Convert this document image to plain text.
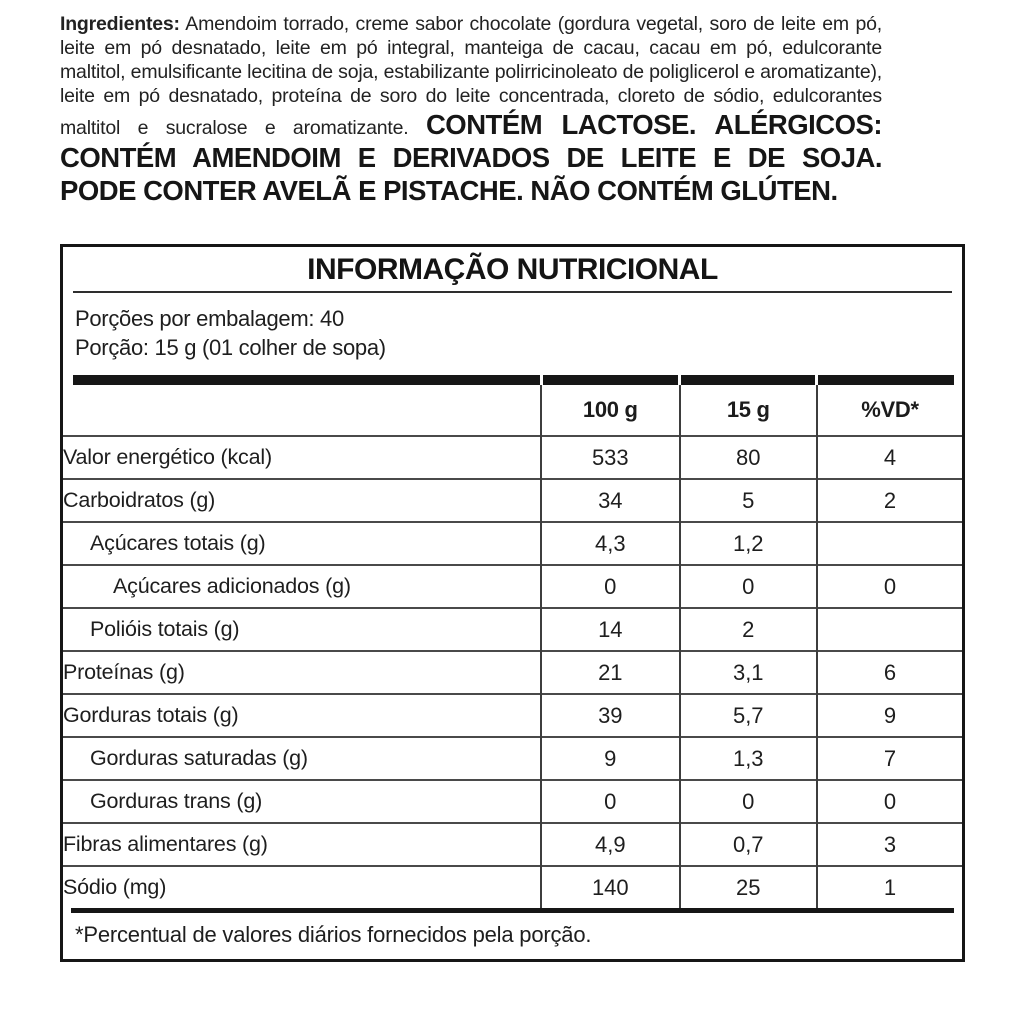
Ingredientes: Amendoim torrado, creme sabor chocolate (gordura vegetal, soro de leite em pó, leite em pó desnatado, leite em pó integral, manteiga de cacau, cacau em pó, edulcorante maltitol, emulsificante lecitina de soja, estabilizante polirricinoleato de poliglicerol e aromatizante), leite em pó desnatado, proteína de soro do leite concentrada, cloreto de sódio, edulcorantes maltitol e sucralose e aromatizante. CONTÉM LACTOSE. ALÉRGICOS: CONTÉM AMENDOIM E DERIVADOS DE LEITE E DE SOJA. PODE CONTER AVELÃ E PISTACHE. NÃO CONTÉM GLÚTEN.

INFORMAÇÃO NUTRICIONAL			

Porções por embalagem: 40
Porção: 15 g (01 colher de sopa)			

	100 g	15 g	%VD*
Valor energético (kcal)	533	80	4
Carboidratos (g)	34	5	2
Açúcares totais (g)	4,3	1,2	
Açúcares adicionados (g)	0	0	0
Polióis totais (g)	14	2	
Proteínas (g)	21	3,1	6
Gorduras totais (g)	39	5,7	9
Gorduras saturadas (g)	9	1,3	7
Gorduras trans (g)	0	0	0
Fibras alimentares (g)	4,9	0,7	3
Sódio (mg)	140	25	1

*Percentual de valores diários fornecidos pela porção.			
